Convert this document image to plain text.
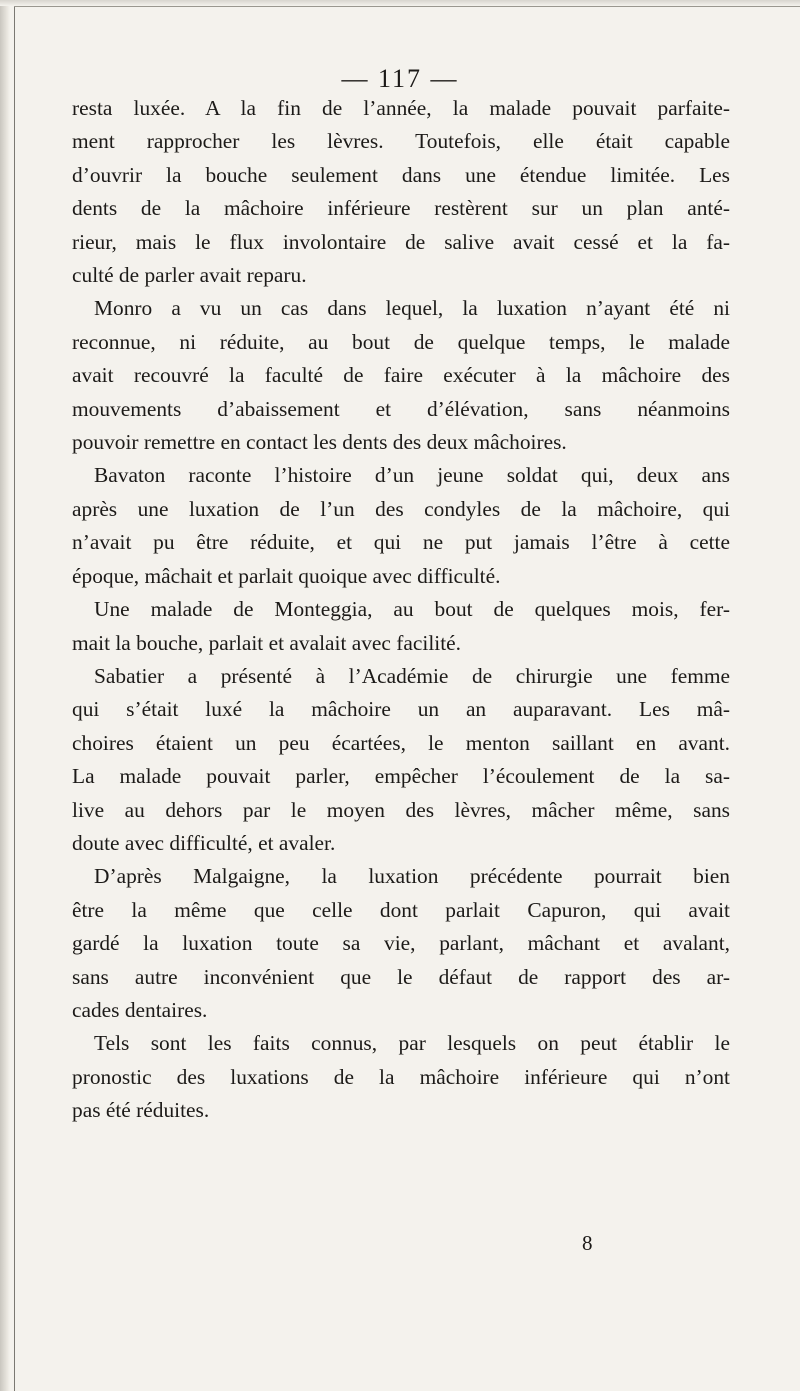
— 117 —

resta luxée. A la fin de l’année, la malade pouvait parfaite-
ment rapprocher les lèvres. Toutefois, elle était capable
d’ouvrir la bouche seulement dans une étendue limitée. Les
dents de la mâchoire inférieure restèrent sur un plan anté-
rieur, mais le flux involontaire de salive avait cessé et la fa-
culté de parler avait reparu.

Monro a vu un cas dans lequel, la luxation n’ayant été ni
reconnue, ni réduite, au bout de quelque temps, le malade
avait recouvré la faculté de faire exécuter à la mâchoire des
mouvements d’abaissement et d’élévation, sans néanmoins
pouvoir remettre en contact les dents des deux mâchoires.

Bavaton raconte l’histoire d’un jeune soldat qui, deux ans
après une luxation de l’un des condyles de la mâchoire, qui
n’avait pu être réduite, et qui ne put jamais l’être à cette
époque, mâchait et parlait quoique avec difficulté.

Une malade de Monteggia, au bout de quelques mois, fer-
mait la bouche, parlait et avalait avec facilité.

Sabatier a présenté à l’Académie de chirurgie une femme
qui s’était luxé la mâchoire un an auparavant. Les mâ-
choires étaient un peu écartées, le menton saillant en avant.
La malade pouvait parler, empêcher l’écoulement de la sa-
live au dehors par le moyen des lèvres, mâcher même, sans
doute avec difficulté, et avaler.

D’après Malgaigne, la luxation précédente pourrait bien
être la même que celle dont parlait Capuron, qui avait
gardé la luxation toute sa vie, parlant, mâchant et avalant,
sans autre inconvénient que le défaut de rapport des ar-
cades dentaires.

Tels sont les faits connus, par lesquels on peut établir le
pronostic des luxations de la mâchoire inférieure qui n’ont
pas été réduites.

8
